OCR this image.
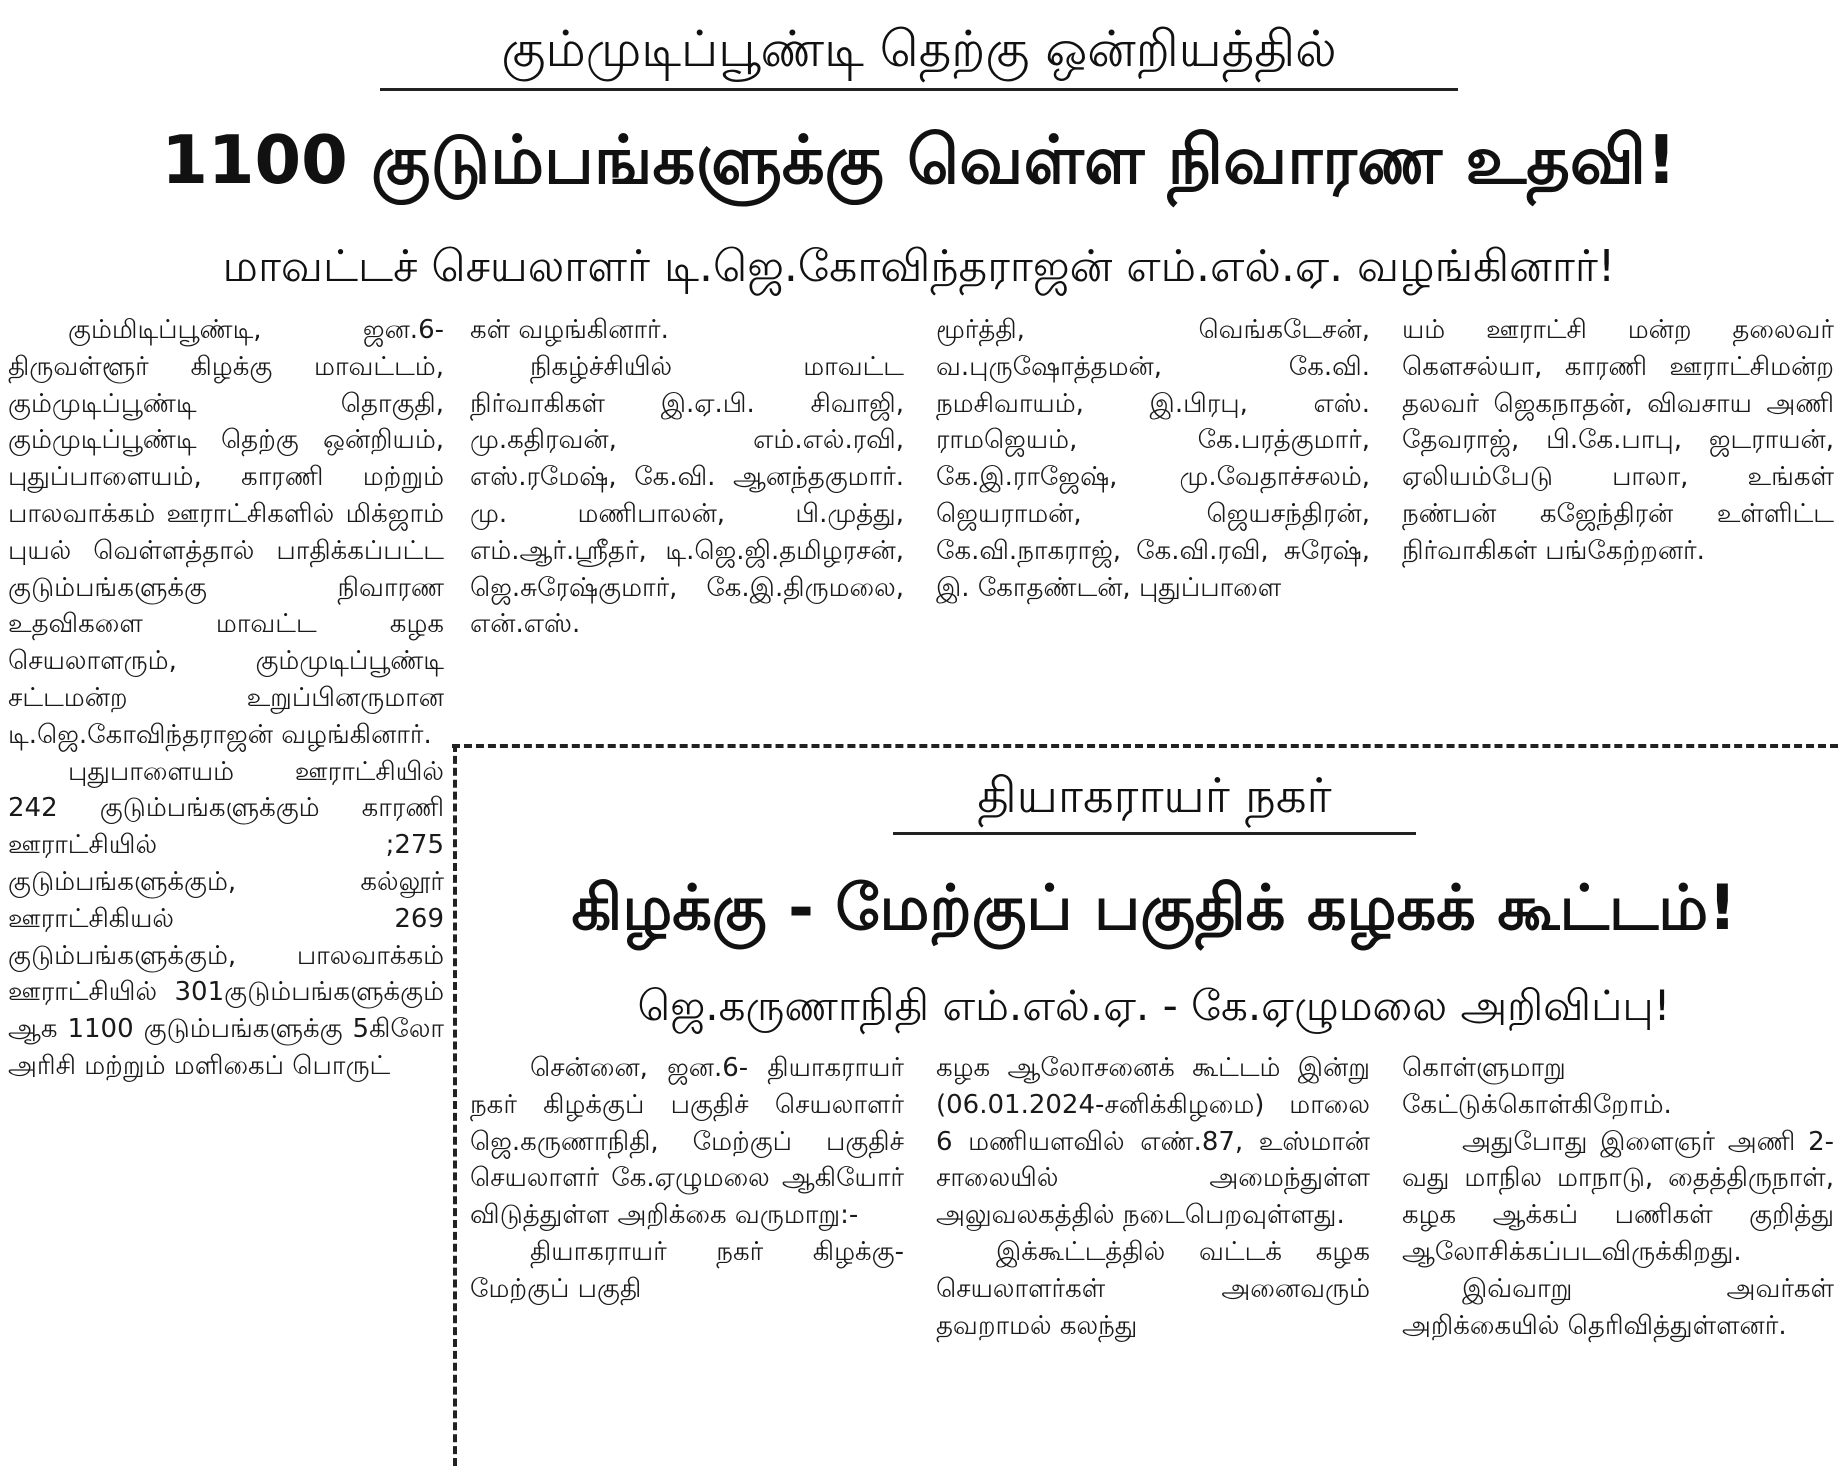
கும்முடிப்பூண்டி தெற்கு ஒன்றியத்தில்
1100 குடும்பங்களுக்கு வெள்ள நிவாரண உதவி!
மாவட்டச் செயலாளர் டி.ஜெ.கோவிந்தராஜன் எம்.எல்.ஏ. வழங்கினார்!

கும்மிடிப்பூண்டி, ஜன.6- திருவள்ளூர் கிழக்கு மாவட்டம், கும்முடிப்பூண்டி தொகுதி, கும்முடிப்பூண்டி தெற்கு ஒன்றியம், புதுப்பாளையம், காரணி மற்றும் பாலவாக்கம் ஊராட்சிகளில் மிக்ஜாம் புயல் வெள்ளத்தால் பாதிக்கப்பட்ட குடும்பங்களுக்கு நிவாரண உதவிகளை மாவட்ட கழக செயலாளரும், கும்முடிப்பூண்டி சட்டமன்ற உறுப்பினருமான டி.ஜெ.கோவிந்தராஜன் வழங்கினார்.

புதுபாளையம் ஊராட்சியில் 242 குடும்பங்களுக்கும் காரணி ஊராட்சியில் ;275 குடும்பங்களுக்கும், கல்லூர் ஊராட்சிகியல் 269 குடும்பங்களுக்கும், பாலவாக்கம் ஊராட்சியில் 301குடும்பங்களுக்கும் ஆக 1100 குடும்பங்களுக்கு 5கிலோ அரிசி மற்றும் மளிகைப் பொருட்

கள் வழங்கினார்.

நிகழ்ச்சியில் மாவட்ட நிர்வாகிகள் இ.ஏ.பி. சிவாஜி, மு.கதிரவன், எம்.எல்.ரவி, எஸ்.ரமேஷ், கே.வி. ஆனந்தகுமார். மு. மணிபாலன், பி.முத்து, எம்.ஆர்.ஸ்ரீதர், டி.ஜெ.ஜி.தமிழரசன், ஜெ.சுரேஷ்குமார், கே.இ.திருமலை, என்.எஸ்.

மூர்த்தி, வெங்கடேசன், வ.புருஷோத்தமன், கே.வி. நமசிவாயம், இ.பிரபு, எஸ். ராமஜெயம், கே.பரத்குமார், கே.இ.ராஜேஷ், மு.வேதாச்சலம், ஜெயராமன், ஜெயசந்திரன், கே.வி.நாகராஜ், கே.வி.ரவி, சுரேஷ், இ. கோதண்டன், புதுப்பாளை

யம் ஊராட்சி மன்ற தலைவர் கௌசல்யா, காரணி ஊராட்சிமன்ற தலவர் ஜெகநாதன், விவசாய அணி தேவராஜ், பி.கே.பாபு, ஜடராயன், ஏலியம்பேடு பாலா, உங்கள் நண்பன் கஜேந்திரன் உள்ளிட்ட நிர்வாகிகள் பங்கேற்றனர்.

தியாகராயர் நகர்
கிழக்கு - மேற்குப் பகுதிக் கழகக் கூட்டம்!
ஜெ.கருணாநிதி எம்.எல்.ஏ. - கே.ஏழுமலை அறிவிப்பு!

சென்னை, ஜன.6- தியாகராயர் நகர் கிழக்குப் பகுதிச் செயலாளர் ஜெ.கருணாநிதி, மேற்குப் பகுதிச் செயலாளர் கே.ஏழுமலை ஆகியோர் விடுத்துள்ள அறிக்கை வருமாறு:-

தியாகராயர் நகர் கிழக்கு-மேற்குப் பகுதி

கழக ஆலோசனைக் கூட்டம் இன்று (06.01.2024-சனிக்கிழமை) மாலை 6 மணியளவில் எண்.87, உஸ்மான் சாலையில் அமைந்துள்ள அலுவலகத்தில் நடைபெறவுள்ளது.

இக்கூட்டத்தில் வட்டக் கழக செயலாளர்கள் அனைவரும் தவறாமல் கலந்து

கொள்ளுமாறு கேட்டுக்கொள்கிறோம்.

அதுபோது இளைஞர் அணி 2-வது மாநில மாநாடு, தைத்திருநாள், கழக ஆக்கப் பணிகள் குறித்து ஆலோசிக்கப்படவிருக்கிறது.

இவ்வாறு அவர்கள் அறிக்கையில் தெரிவித்துள்ளனர்.
